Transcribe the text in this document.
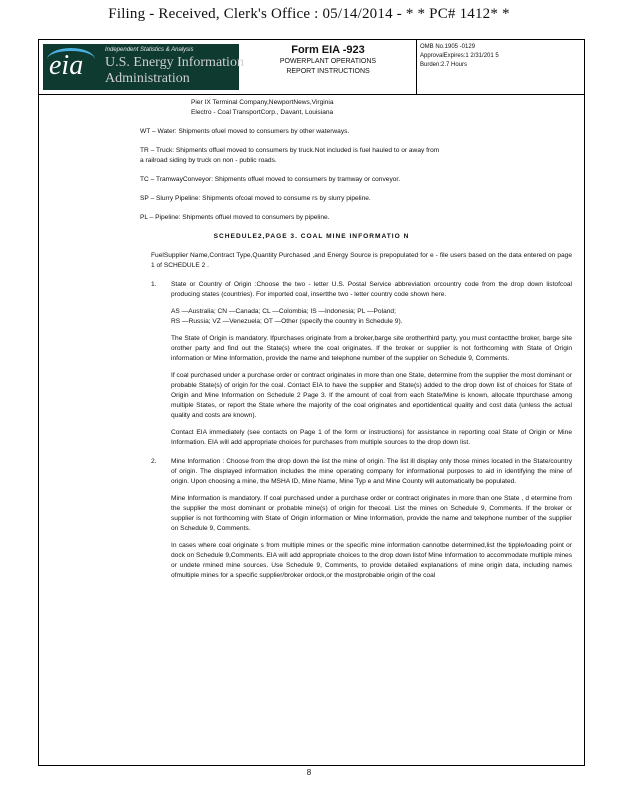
Filing - Received, Clerk's Office : 05/14/2014 - * * PC# 1412* *
eia	Independent Statistics & Analysis
U.S. Energy Information
Administration
Form EIA -923
POWERPLANT OPERATIONS
REPORT INSTRUCTIONS
OMB No.1905 -0129
ApprovalExpires:1 2/31/201 5
Burden:2.7 Hours

Pier IX Terminal Company,NewportNews,Virginia

Electro - Coal TransportCorp., Davant, Louisiana

WT – Water: Shipments ofuel moved to consumers by other waterways.

TR – Truck: Shipments offuel moved to consumers by truck.Not included is fuel hauled to or away from

a railroad siding by truck on non - public roads.

TC – TramwayConveyor: Shipments offuel moved to consumers by tramway or conveyor.

SP – Slurry Pipeline: Shipments ofcoal moved to consume rs by slurry pipeline.

PL – Pipeline: Shipments offuel moved to consumers by pipeline.

SCHEDULE2,PAGE 3. COAL MINE INFORMATIO N

FuelSupplier Name,Contract Type,Quantity Purchased ,and Energy Source is prepopulated for e - file users based on the data entered on page 1 of SCHEDULE 2 .

1. State or Country of Origin :Choose the two - letter U.S. Postal Service abbreviation orcountry code from the drop down listofcoal producing states (countries). For imported coal, insertthe two - letter country code shown here.

AS —Australia; CN —Canada; CL —Colombia; IS —Indonesia; PL —Poland;

RS —Russia; VZ —Venezuela; OT —Other (specify the country in Schedule 9).

The State of Origin is mandatory. Ifpurchases originate from a broker,barge site orotherthird party, you must contactthe broker, barge site orother party and find out the State(s) where the coal originates. If the broker or supplier is not forthcoming with State of Origin information or Mine Information, provide the name and telephone number of the supplier on Schedule 9, Comments.

If coal purchased under a purchase order or contract originates in more than one State, determine from the supplier the most dominant or probable State(s) of origin for the coal. Contact EIA to have the supplier and State(s) added to the drop down list of choices for State of Origin and Mine Information on Schedule 2 Page 3. If the amount of coal from each State/Mine is known, allocate thpurchase among multiple States, or report the State where the majority of the coal originates and eportidentical quality and cost data (unless the actual quality and costs are known).

Contact EIA immediately (see contacts on Page 1 of the form or instructions) for assistance in reporting coal State of Origin or Mine Information. EIA will add appropriate choices for purchases from multiple sources to the drop down list.

2. Mine Information : Choose from the drop down the list the mine of origin. The list ill display only those mines located in the State/country of origin. The displayed information includes the mine operating company for informational purposes to aid in identifying the mine of origin. Upon choosing a mine, the MSHA ID, Mine Name, Mine Typ e and Mine County will automatically be populated.

Mine Information is mandatory. If coal purchased under a purchase order or contract originates in more than one State , d etermine from the supplier the most dominant or probable mine(s) of origin for thecoal. List the mines on Schedule 9, Comments. If the broker or supplier is not forthcoming with State of Origin information or Mine Information, provide the name and telephone number of the supplier on Schedule 9, Comments.

In cases where coal originate s from multiple mines or the specific mine information cannotbe determined,list the tipple/loading point or dock on Schedule 9,Comments. EIA will add appropriate choices to the drop down listof Mine Information to accommodate multiple mines or undete rmined mine sources. Use Schedule 9, Comments, to provide detailed explanations of mine origin data, including names ofmultiple mines for a specific supplier/broker ordock,or the mostprobable origin of the coal

8
